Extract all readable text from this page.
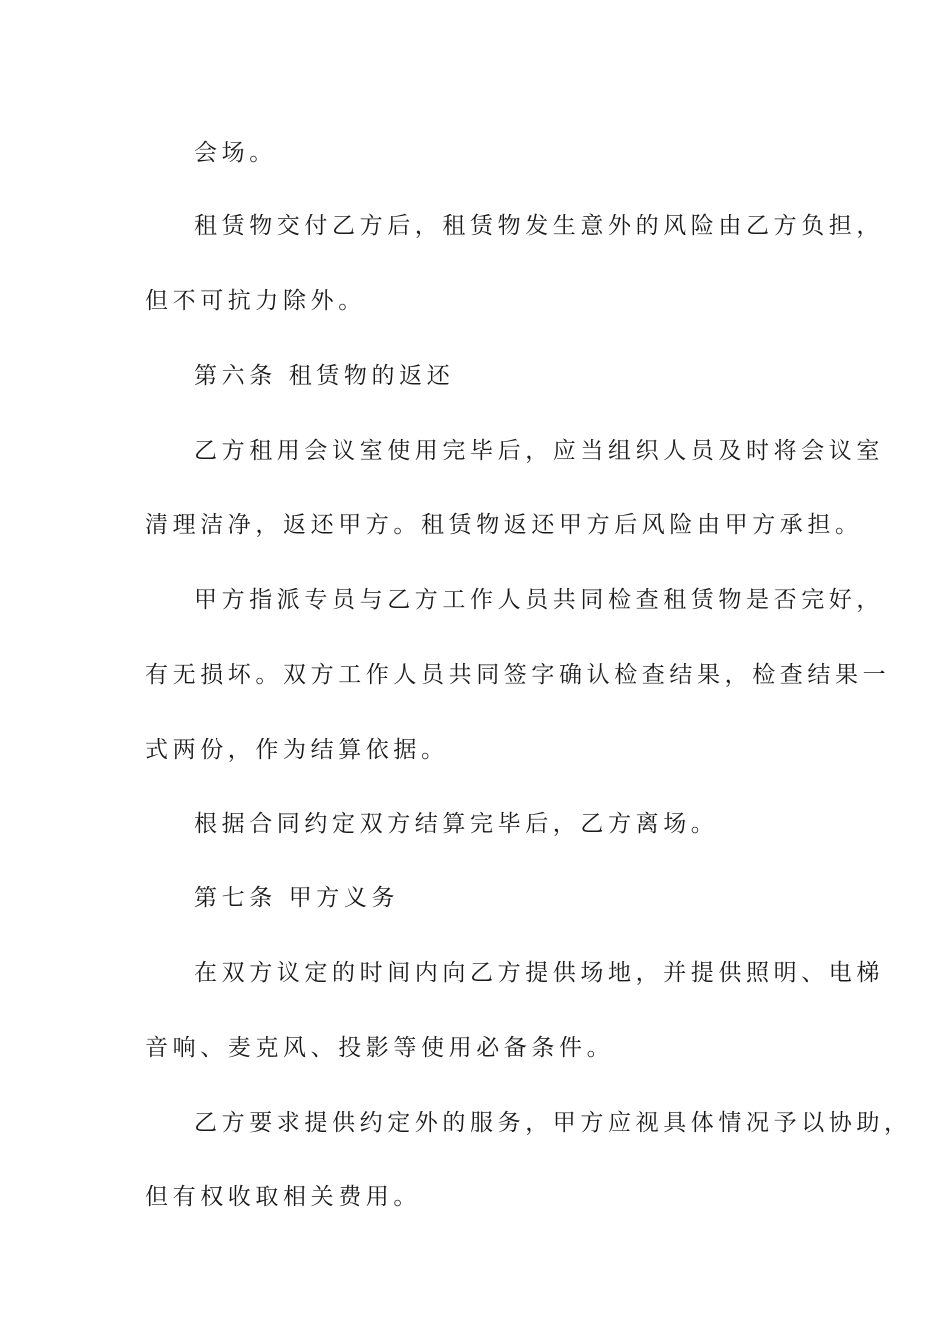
会场。

租赁物交付乙方后，租赁物发生意外的风险由乙方负担，

但不可抗力除外。

第六条 租赁物的返还

乙方租用会议室使用完毕后，应当组织人员及时将会议室

清理洁净，返还甲方。租赁物返还甲方后风险由甲方承担。

甲方指派专员与乙方工作人员共同检查租赁物是否完好，

有无损坏。双方工作人员共同签字确认检查结果，检查结果一

式两份，作为结算依据。

根据合同约定双方结算完毕后，乙方离场。

第七条 甲方义务

在双方议定的时间内向乙方提供场地，并提供照明、电梯

音响、麦克风、投影等使用必备条件。

乙方要求提供约定外的服务，甲方应视具体情况予以协助，

但有权收取相关费用。
